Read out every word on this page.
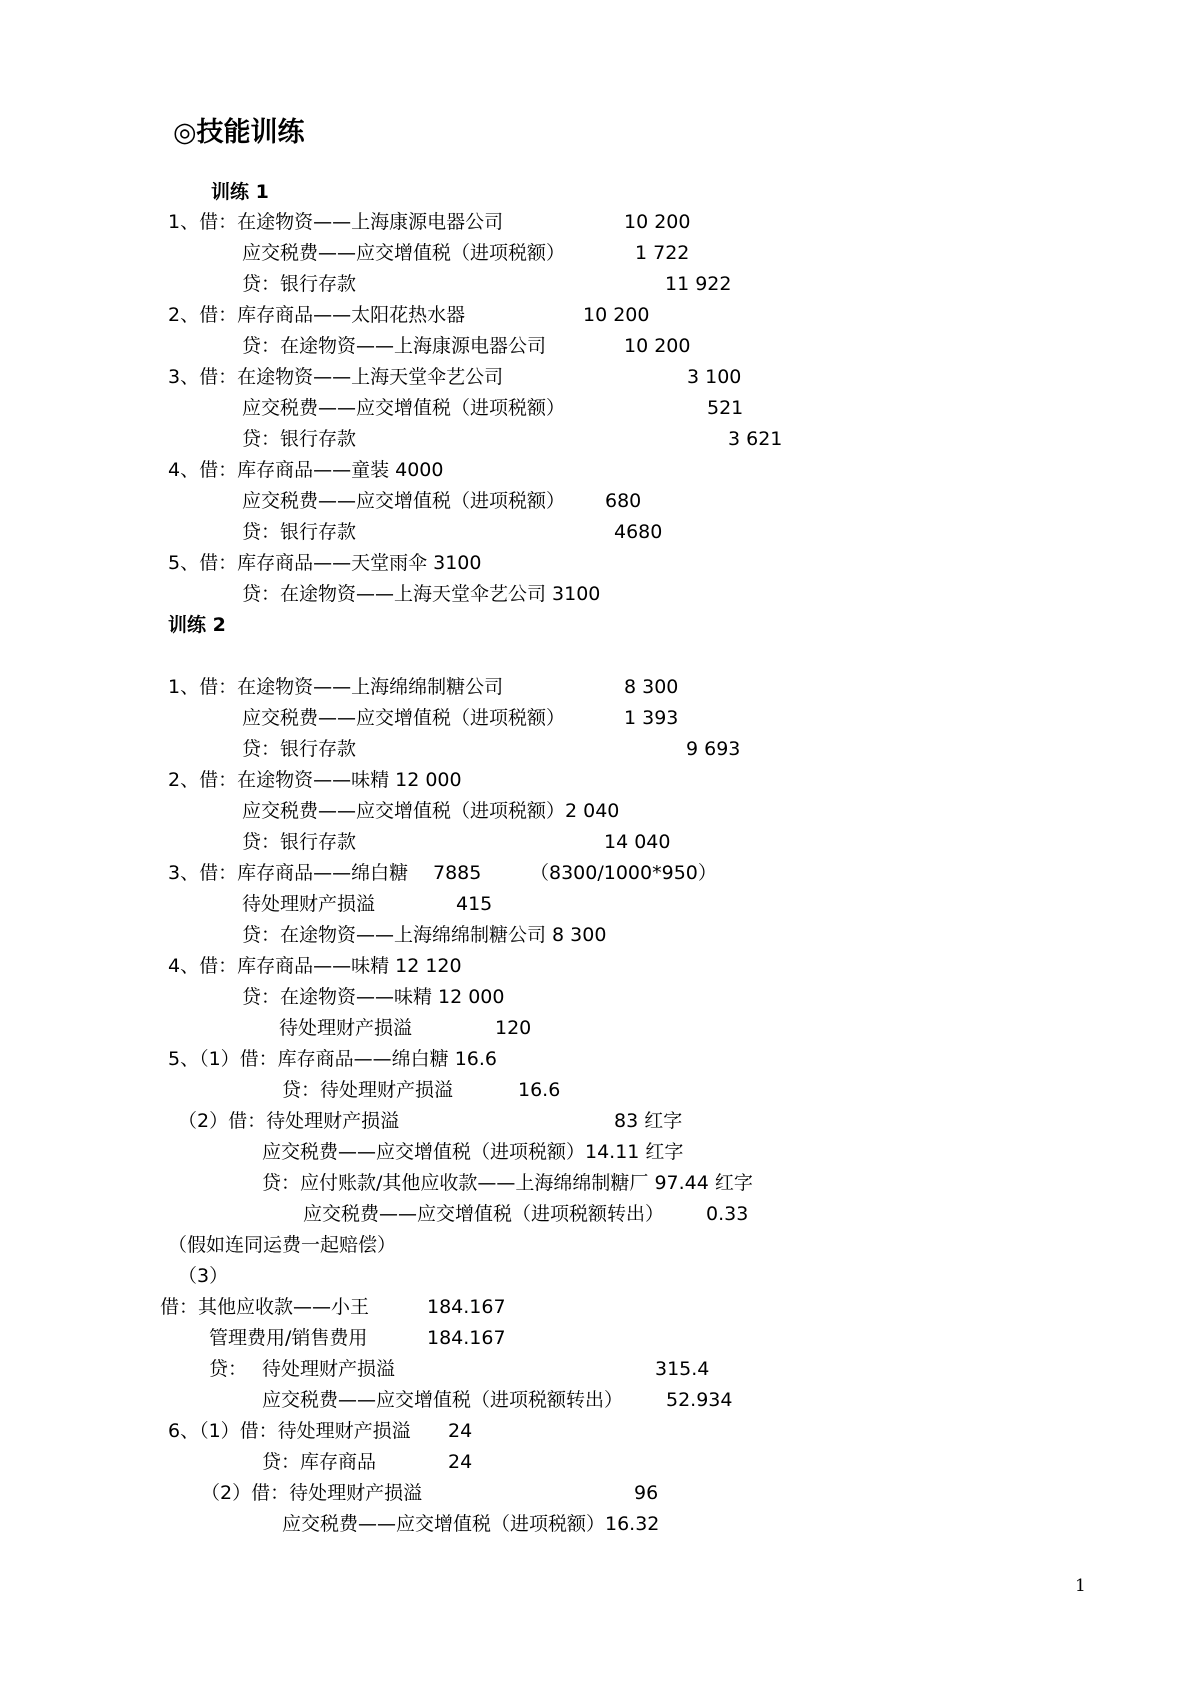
◎技能训练

训练 1
1、借：在途物资——上海康源电器公司	10 200
应交税费——应交增值税（进项税额）	1 722
贷：银行存款	11 922
2、借：库存商品——太阳花热水器	10 200
贷：在途物资——上海康源电器公司	10 200
3、借：在途物资——上海天堂伞艺公司	3 100
应交税费——应交增值税（进项税额）	521
贷：银行存款	3 621
4、借：库存商品——童装 4000
应交税费——应交增值税（进项税额） 680
贷：银行存款	4680
5、借：库存商品——天堂雨伞 3100
贷：在途物资——上海天堂伞艺公司 3100
训练 2
1、借：在途物资——上海绵绵制糖公司	8 300
应交税费——应交增值税（进项税额）	1 393
贷：银行存款	9 693
2、借：在途物资——味精 12 000
应交税费——应交增值税（进项税额）2 040
贷：银行存款	14 040
3、借：库存商品——绵白糖 7885	（8300/1000*950）
待处理财产损溢	415
贷：在途物资——上海绵绵制糖公司 8 300
4、借：库存商品——味精 12 120
贷：在途物资——味精 12 000
待处理财产损溢	120
5、（1）借：库存商品——绵白糖 16.6
贷：待处理财产损溢	16.6
（2）借：待处理财产损溢	83 红字
应交税费——应交增值税（进项税额）14.11 红字
贷：应付账款/其他应收款——上海绵绵制糖厂 97.44 红字
应交税费——应交增值税（进项税额转出） 0.33
（假如连同运费一起赔偿）
（3）
借：其他应收款——小王	184.167
管理费用/销售费用	184.167
贷： 待处理财产损溢	315.4
应交税费——应交增值税（进项税额转出） 52.934
6、（1）借：待处理财产损溢 24
贷：库存商品	24
（2）借：待处理财产损溢	96
应交税费——应交增值税（进项税额）16.32
1
